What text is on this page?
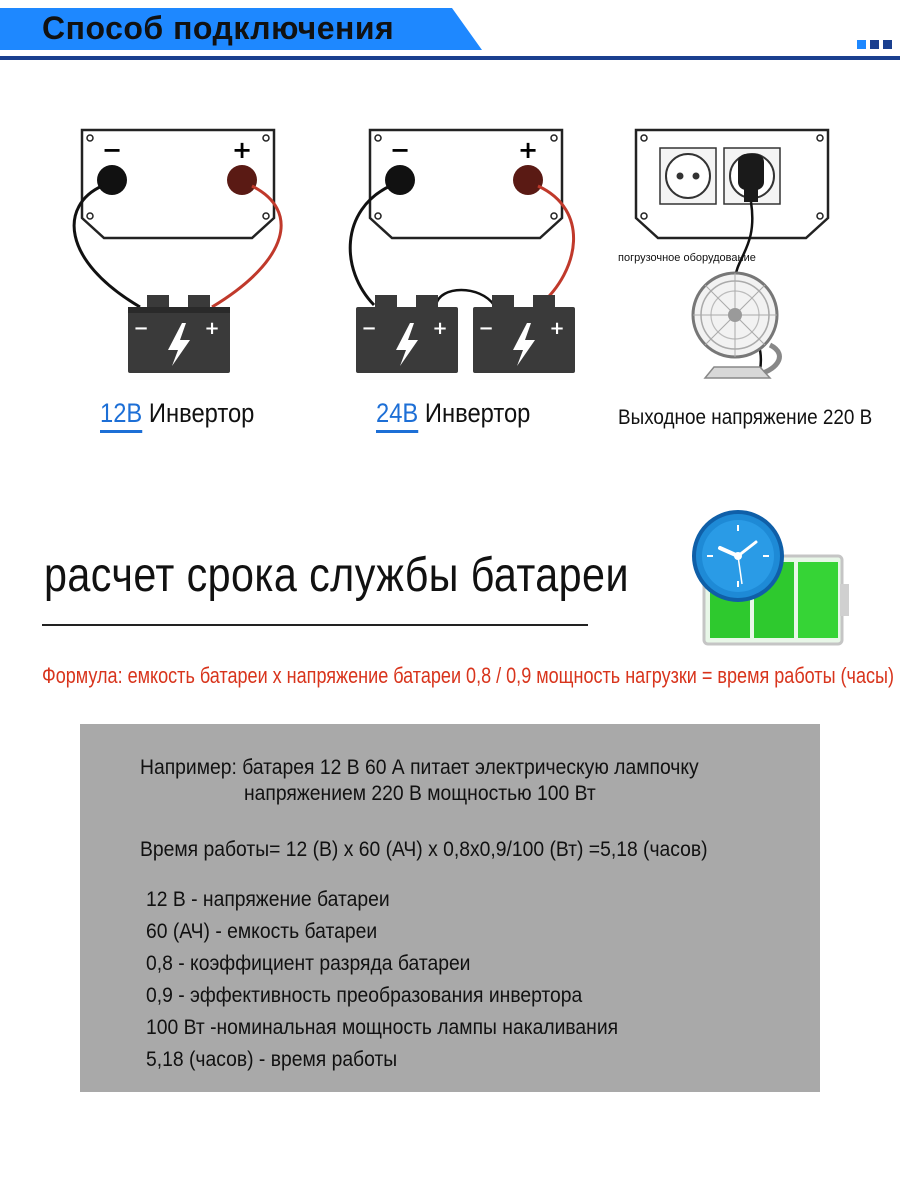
Способ подключения
−	+
−	+
−	+
−	+ −	+
12В Инвертор	24В Инвертор
погрузочное оборудование
Выходное напряжение 220 В
расчет срока службы батареи
Формула: емкость батареи x напряжение батареи 0,8 / 0,9 мощность нагрузки = время работы (часы)
Например: батарея 12 В 60 А питает электрическую лампочку
напряжением 220 В мощностью 100 Вт
Время работы= 12 (В) x 60 (АЧ) x 0,8x0,9/100 (Вт) =5,18 (часов)
12 В - напряжение батареи
60 (АЧ) - емкость батареи
0,8 - коэффициент разряда батареи
0,9 - эффективность преобразования инвертора
100 Вт -номинальная мощность лампы накаливания
5,18 (часов) - время работы
